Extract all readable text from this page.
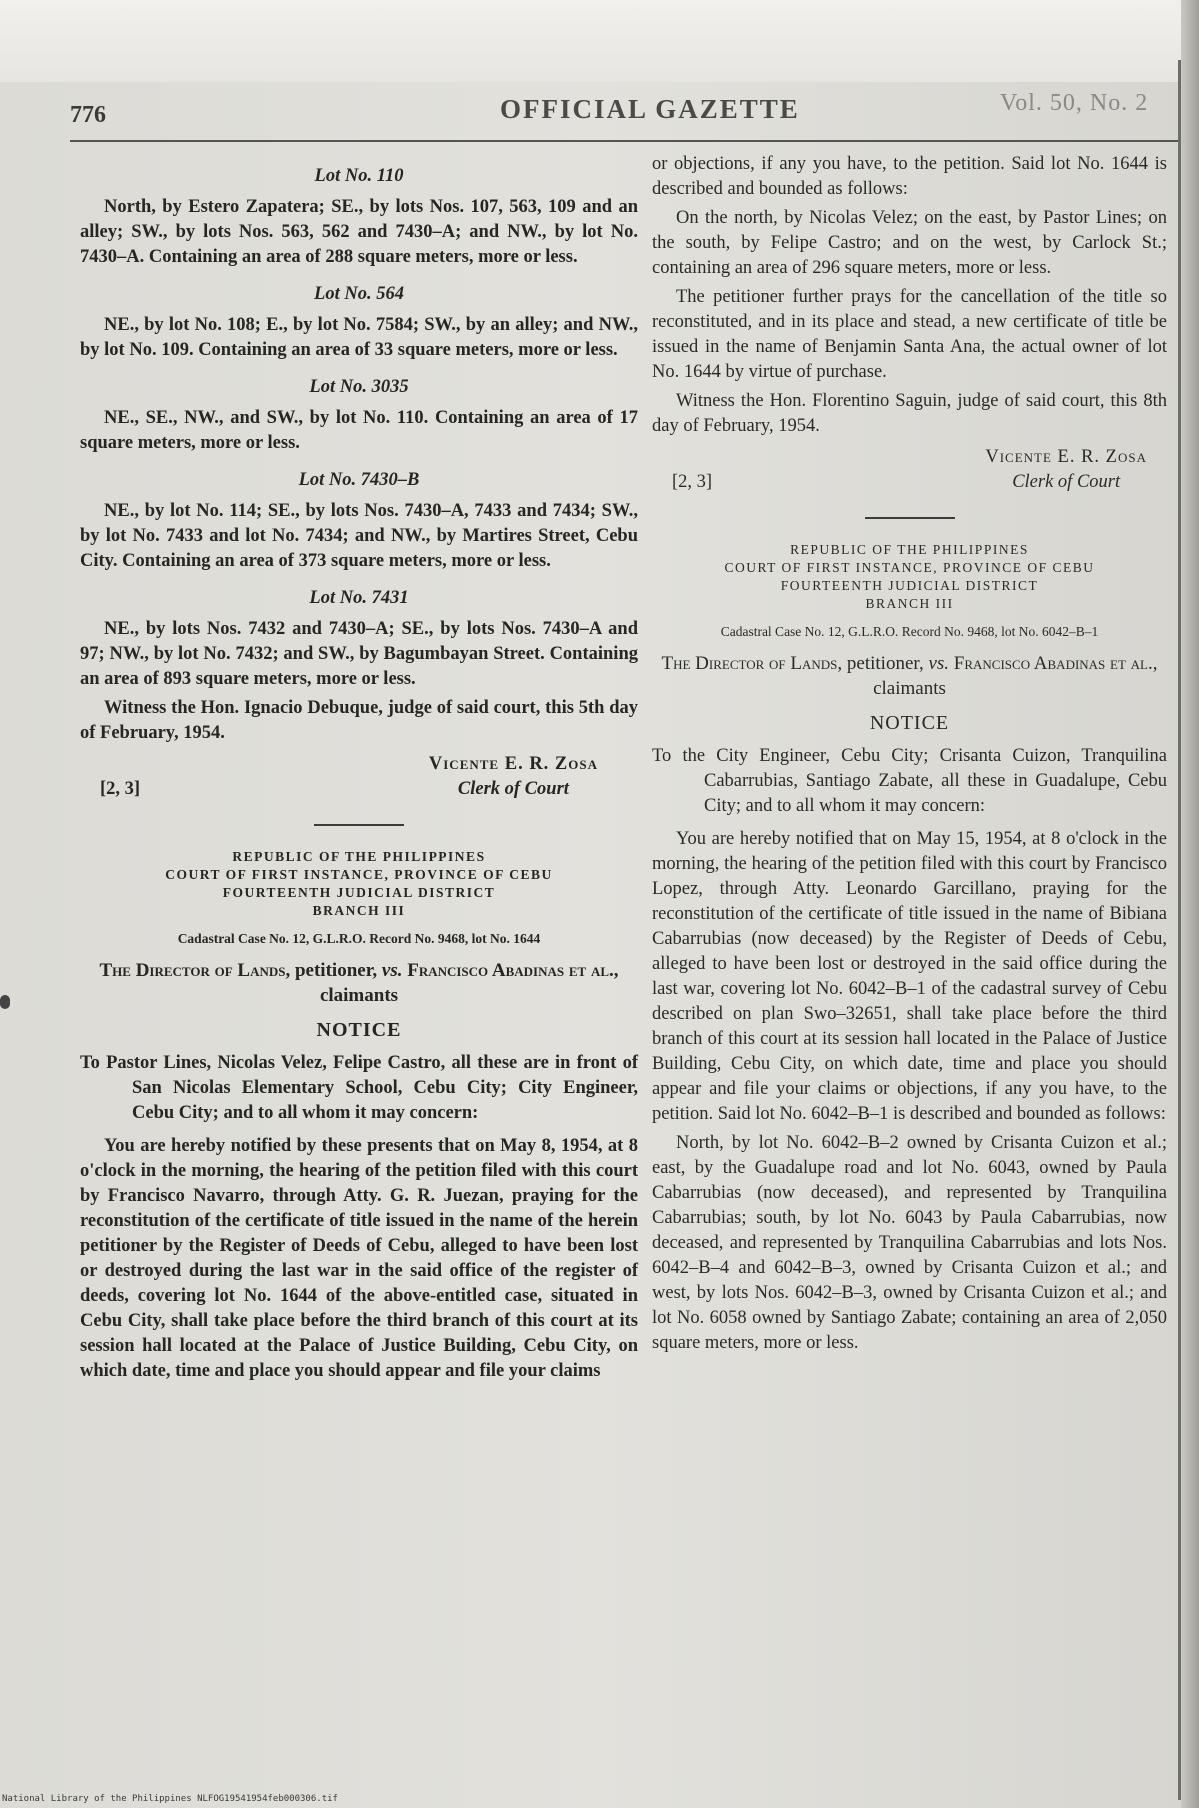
776	OFFICIAL GAZETTE	Vol. 50, No. 2
Lot No. 110

North, by Estero Zapatera; SE., by lots Nos. 107, 563, 109 and an alley; SW., by lots Nos. 563, 562 and 7430–A; and NW., by lot No. 7430–A. Containing an area of 288 square meters, more or less.

Lot No. 564

NE., by lot No. 108; E., by lot No. 7584; SW., by an alley; and NW., by lot No. 109. Containing an area of 33 square meters, more or less.

Lot No. 3035

NE., SE., NW., and SW., by lot No. 110. Containing an area of 17 square meters, more or less.

Lot No. 7430–B

NE., by lot No. 114; SE., by lots Nos. 7430–A, 7433 and 7434; SW., by lot No. 7433 and lot No. 7434; and NW., by Martires Street, Cebu City. Containing an area of 373 square meters, more or less.

Lot No. 7431

NE., by lots Nos. 7432 and 7430–A; SE., by lots Nos. 7430–A and 97; NW., by lot No. 7432; and SW., by Bagumbayan Street. Containing an area of 893 square meters, more or less.

Witness the Hon. Ignacio Debuque, judge of said court, this 5th day of February, 1954.

[2, 3]
Vicente E. R. Zosa
Clerk of Court
REPUBLIC OF THE PHILIPPINES
COURT OF FIRST INSTANCE, PROVINCE OF CEBU
FOURTEENTH JUDICIAL DISTRICT
BRANCH III
Cadastral Case No. 12, G.L.R.O. Record No. 9468, lot No. 1644
The Director of Lands, petitioner, vs. Francisco Abadinas et al., claimants
NOTICE

To Pastor Lines, Nicolas Velez, Felipe Castro, all these are in front of San Nicolas Elementary School, Cebu City; City Engineer, Cebu City; and to all whom it may concern:

You are hereby notified by these presents that on May 8, 1954, at 8 o'clock in the morning, the hearing of the petition filed with this court by Francisco Navarro, through Atty. G. R. Juezan, praying for the reconstitution of the certificate of title issued in the name of the herein petitioner by the Register of Deeds of Cebu, alleged to have been lost or destroyed during the last war in the said office of the register of deeds, covering lot No. 1644 of the above-entitled case, situated in Cebu City, shall take place before the third branch of this court at its session hall located at the Palace of Justice Building, Cebu City, on which date, time and place you should appear and file your claims

or objections, if any you have, to the petition. Said lot No. 1644 is described and bounded as follows:

On the north, by Nicolas Velez; on the east, by Pastor Lines; on the south, by Felipe Castro; and on the west, by Carlock St.; containing an area of 296 square meters, more or less.

The petitioner further prays for the cancellation of the title so reconstituted, and in its place and stead, a new certificate of title be issued in the name of Benjamin Santa Ana, the actual owner of lot No. 1644 by virtue of purchase.

Witness the Hon. Florentino Saguin, judge of said court, this 8th day of February, 1954.

[2, 3]
Vicente E. R. Zosa
Clerk of Court
REPUBLIC OF THE PHILIPPINES
COURT OF FIRST INSTANCE, PROVINCE OF CEBU
FOURTEENTH JUDICIAL DISTRICT
BRANCH III
Cadastral Case No. 12, G.L.R.O. Record No. 9468, lot No. 6042–B–1
The Director of Lands, petitioner, vs. Francisco Abadinas et al., claimants
NOTICE

To the City Engineer, Cebu City; Crisanta Cuizon, Tranquilina Cabarrubias, Santiago Zabate, all these in Guadalupe, Cebu City; and to all whom it may concern:

You are hereby notified that on May 15, 1954, at 8 o'clock in the morning, the hearing of the petition filed with this court by Francisco Lopez, through Atty. Leonardo Garcillano, praying for the reconstitution of the certificate of title issued in the name of Bibiana Cabarrubias (now deceased) by the Register of Deeds of Cebu, alleged to have been lost or destroyed in the said office during the last war, covering lot No. 6042–B–1 of the cadastral survey of Cebu described on plan Swo–32651, shall take place before the third branch of this court at its session hall located in the Palace of Justice Building, Cebu City, on which date, time and place you should appear and file your claims or objections, if any you have, to the petition. Said lot No. 6042–B–1 is described and bounded as follows:

North, by lot No. 6042–B–2 owned by Crisanta Cuizon et al.; east, by the Guadalupe road and lot No. 6043, owned by Paula Cabarrubias (now deceased), and represented by Tranquilina Cabarrubias; south, by lot No. 6043 by Paula Cabarrubias, now deceased, and represented by Tranquilina Cabarrubias and lots Nos. 6042–B–4 and 6042–B–3, owned by Crisanta Cuizon et al.; and west, by lots Nos. 6042–B–3, owned by Crisanta Cuizon et al.; and lot No. 6058 owned by Santiago Zabate; containing an area of 2,050 square meters, more or less.

National Library of the Philippines NLFOG19541954feb000306.tif
